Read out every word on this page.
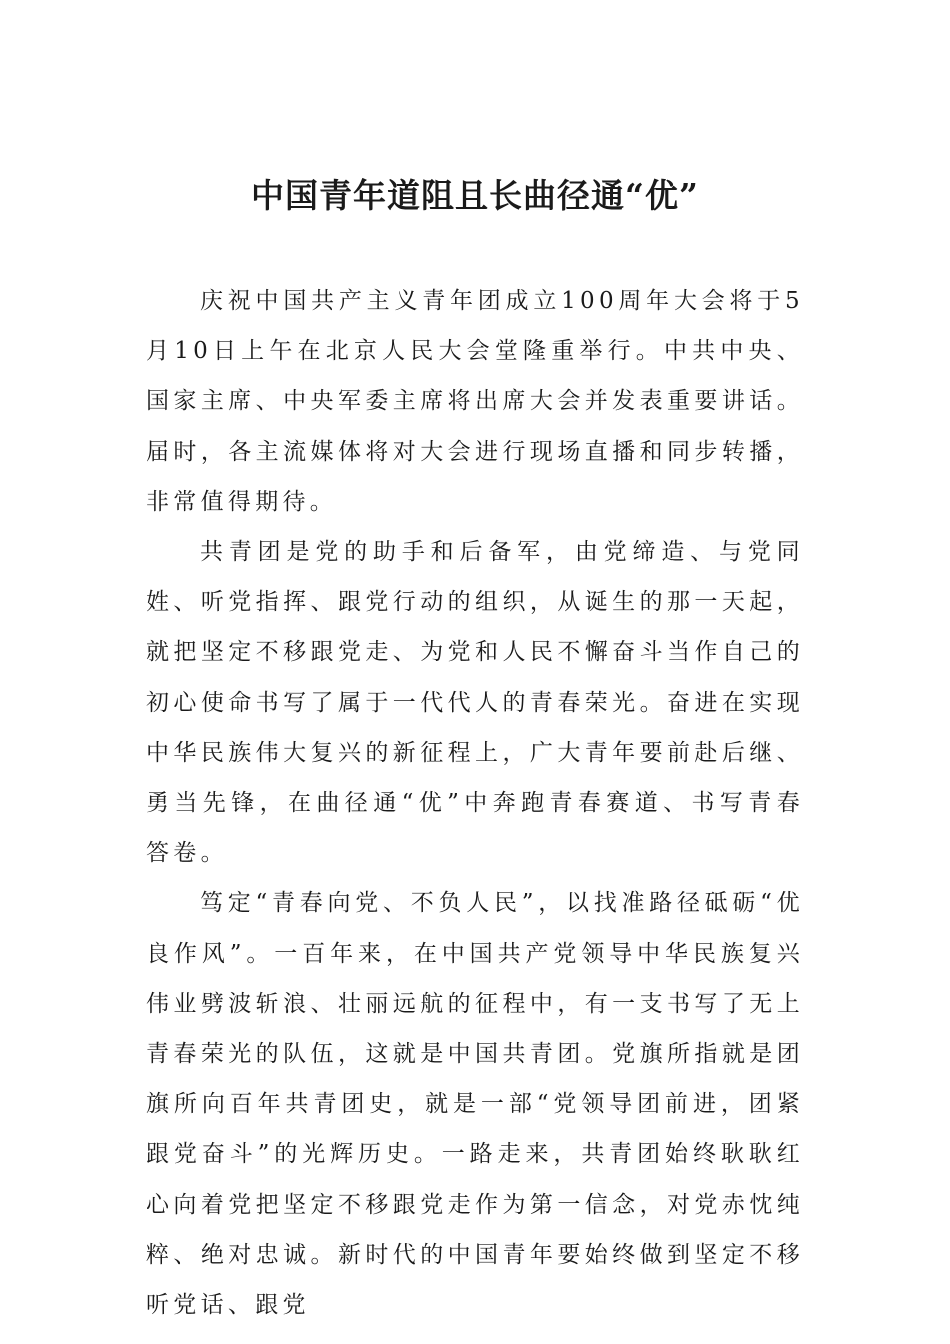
中国青年道阻且长曲径通“优”

庆祝中国共产主义青年团成立100周年大会将于5月10日上午在北京人民大会堂隆重举行。中共中央、国家主席、中央军委主席将出席大会并发表重要讲话。届时，各主流媒体将对大会进行现场直播和同步转播，非常值得期待。

共青团是党的助手和后备军，由党缔造、与党同姓、听党指挥、跟党行动的组织，从诞生的那一天起，就把坚定不移跟党走、为党和人民不懈奋斗当作自己的初心使命书写了属于一代代人的青春荣光。奋进在实现中华民族伟大复兴的新征程上，广大青年要前赴后继、勇当先锋，在曲径通“优”中奔跑青春赛道、书写青春答卷。

笃定“青春向党、不负人民”，以找准路径砥砺“优良作风”。一百年来，在中国共产党领导中华民族复兴伟业劈波斩浪、壮丽远航的征程中，有一支书写了无上青春荣光的队伍，这就是中国共青团。党旗所指就是团旗所向百年共青团史，就是一部“党领导团前进，团紧跟党奋斗”的光辉历史。一路走来，共青团始终耿耿红心向着党把坚定不移跟党走作为第一信念，对党赤忱纯粹、绝对忠诚。新时代的中国青年要始终做到坚定不移听党话、跟党
